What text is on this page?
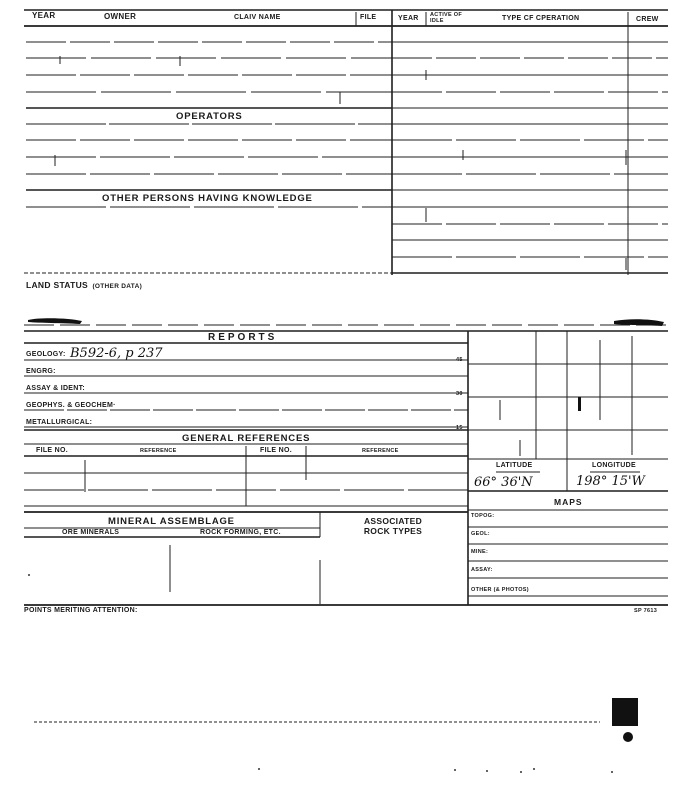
YEAR	OWNER	CLAIV NAME	FILE	YEAR ACTIVE OF IDLE	TYPE CF CPERATION	CREW
OPERATORS
OTHER PERSONS HAVING KNOWLEDGE
LAND STATUS (OTHER DATA)
REPORTS
GEOLOGY: B592-6, p 237
ENGRG:
ASSAY & IDENT:
GEOPHYS. & GEOCHEM·
METALLURGICAL:
45
30
15
GENERAL REFERENCES
FILE NO.	REFERENCE	FILE NO.	REFERENCE
MINERAL ASSEMBLAGE
ORE MINERALS	ROCK FORMING, ETC.
ASSOCIATED ROCK TYPES
LATITUDE	LONGITUDE
66° 36'N	198° 15'W
MAPS
TOPOG:
GEOL:
MINE:
ASSAY:
OTHER (& PHOTOS)
POINTS MERITING ATTENTION:	SP 7613
